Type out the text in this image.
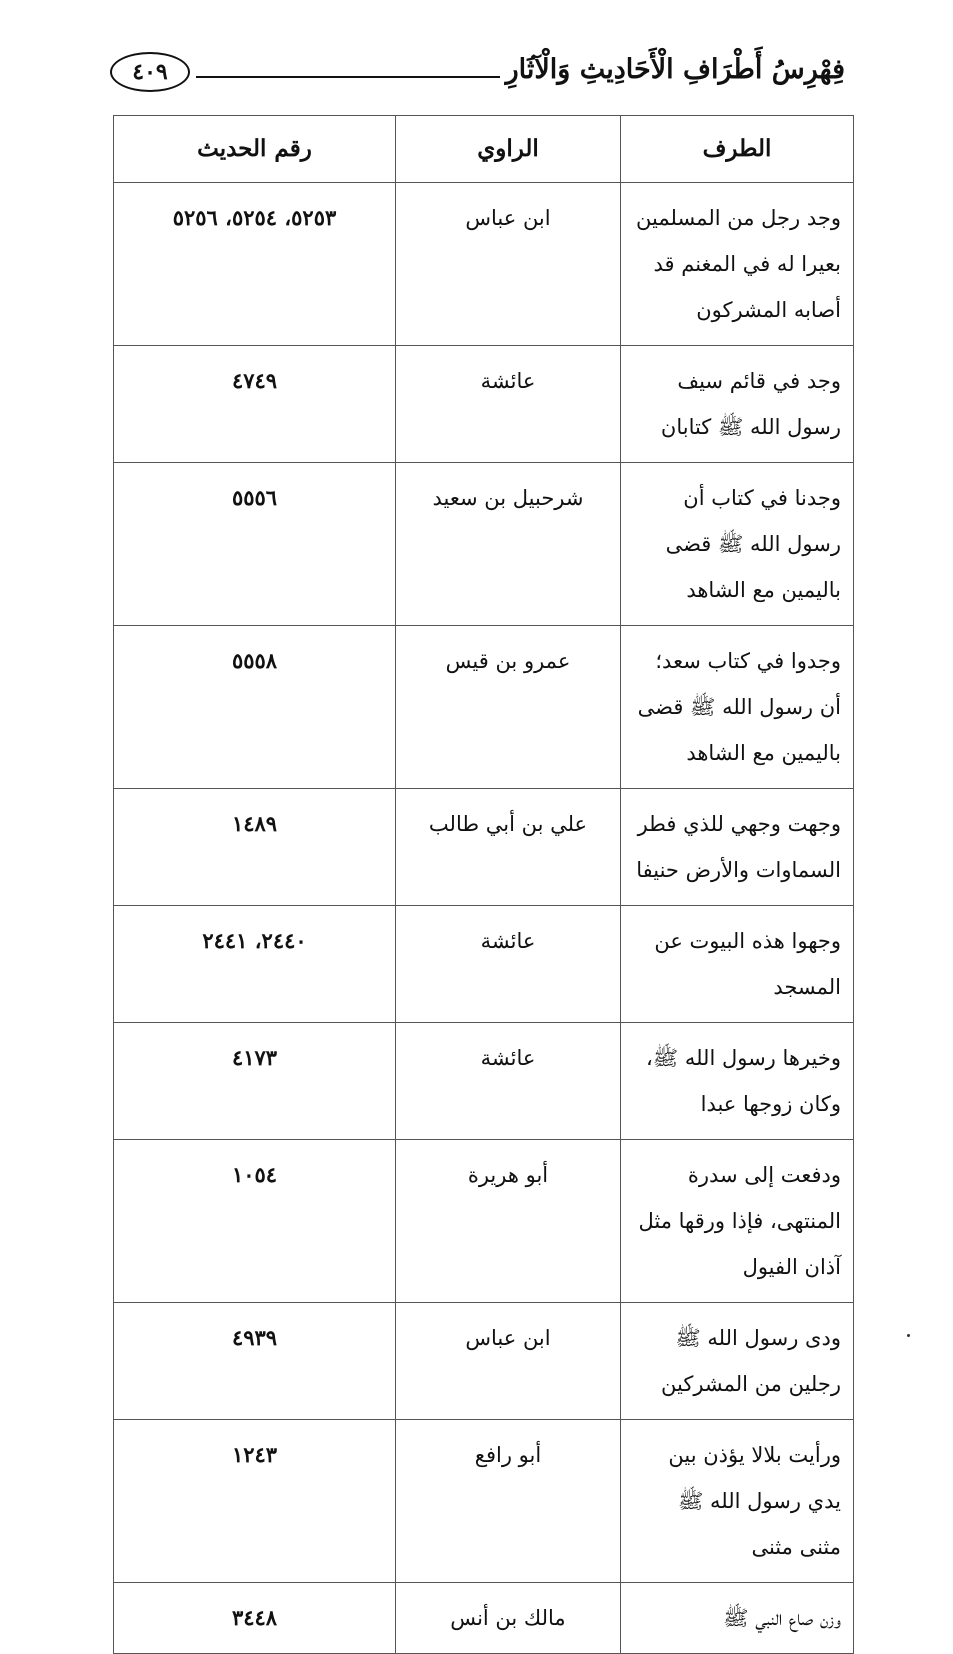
٤٠٩	فِهْرِسُ أَطْرَافِ الْأَحَادِيثِ وَالْآثَارِ
الطرف	الراوي	رقم الحديث
وجد رجل من المسلمين بعيرا له في المغنم قد أصابه المشركون	ابن عباس	٥٢٥٣، ٥٢٥٤، ٥٢٥٦
وجد في قائم سيف رسول الله ﷺ كتابان	عائشة	٤٧٤٩
وجدنا في كتاب أن رسول الله ﷺ قضى باليمين مع الشاهد	شرحبيل بن سعيد	٥٥٥٦
وجدوا في كتاب سعد؛ أن رسول الله ﷺ قضى باليمين مع الشاهد	عمرو بن قيس	٥٥٥٨
وجهت وجهي للذي فطر السماوات والأرض حنيفا	علي بن أبي طالب	١٤٨٩
وجهوا هذه البيوت عن المسجد	عائشة	٢٤٤٠، ٢٤٤١
وخيرها رسول الله ﷺ، وكان زوجها عبدا	عائشة	٤١٧٣
ودفعت إلى سدرة المنتهى، فإذا ورقها مثل آذان الفيول	أبو هريرة	١٠٥٤
ودى رسول الله ﷺ رجلين من المشركين	ابن عباس	٤٩٣٩
ورأيت بلالا يؤذن بين يدي رسول الله ﷺ مثنى مثنى	أبو رافع	١٢٤٣
وزن صاع النبي ﷺ	مالك بن أنس	٣٤٤٨
